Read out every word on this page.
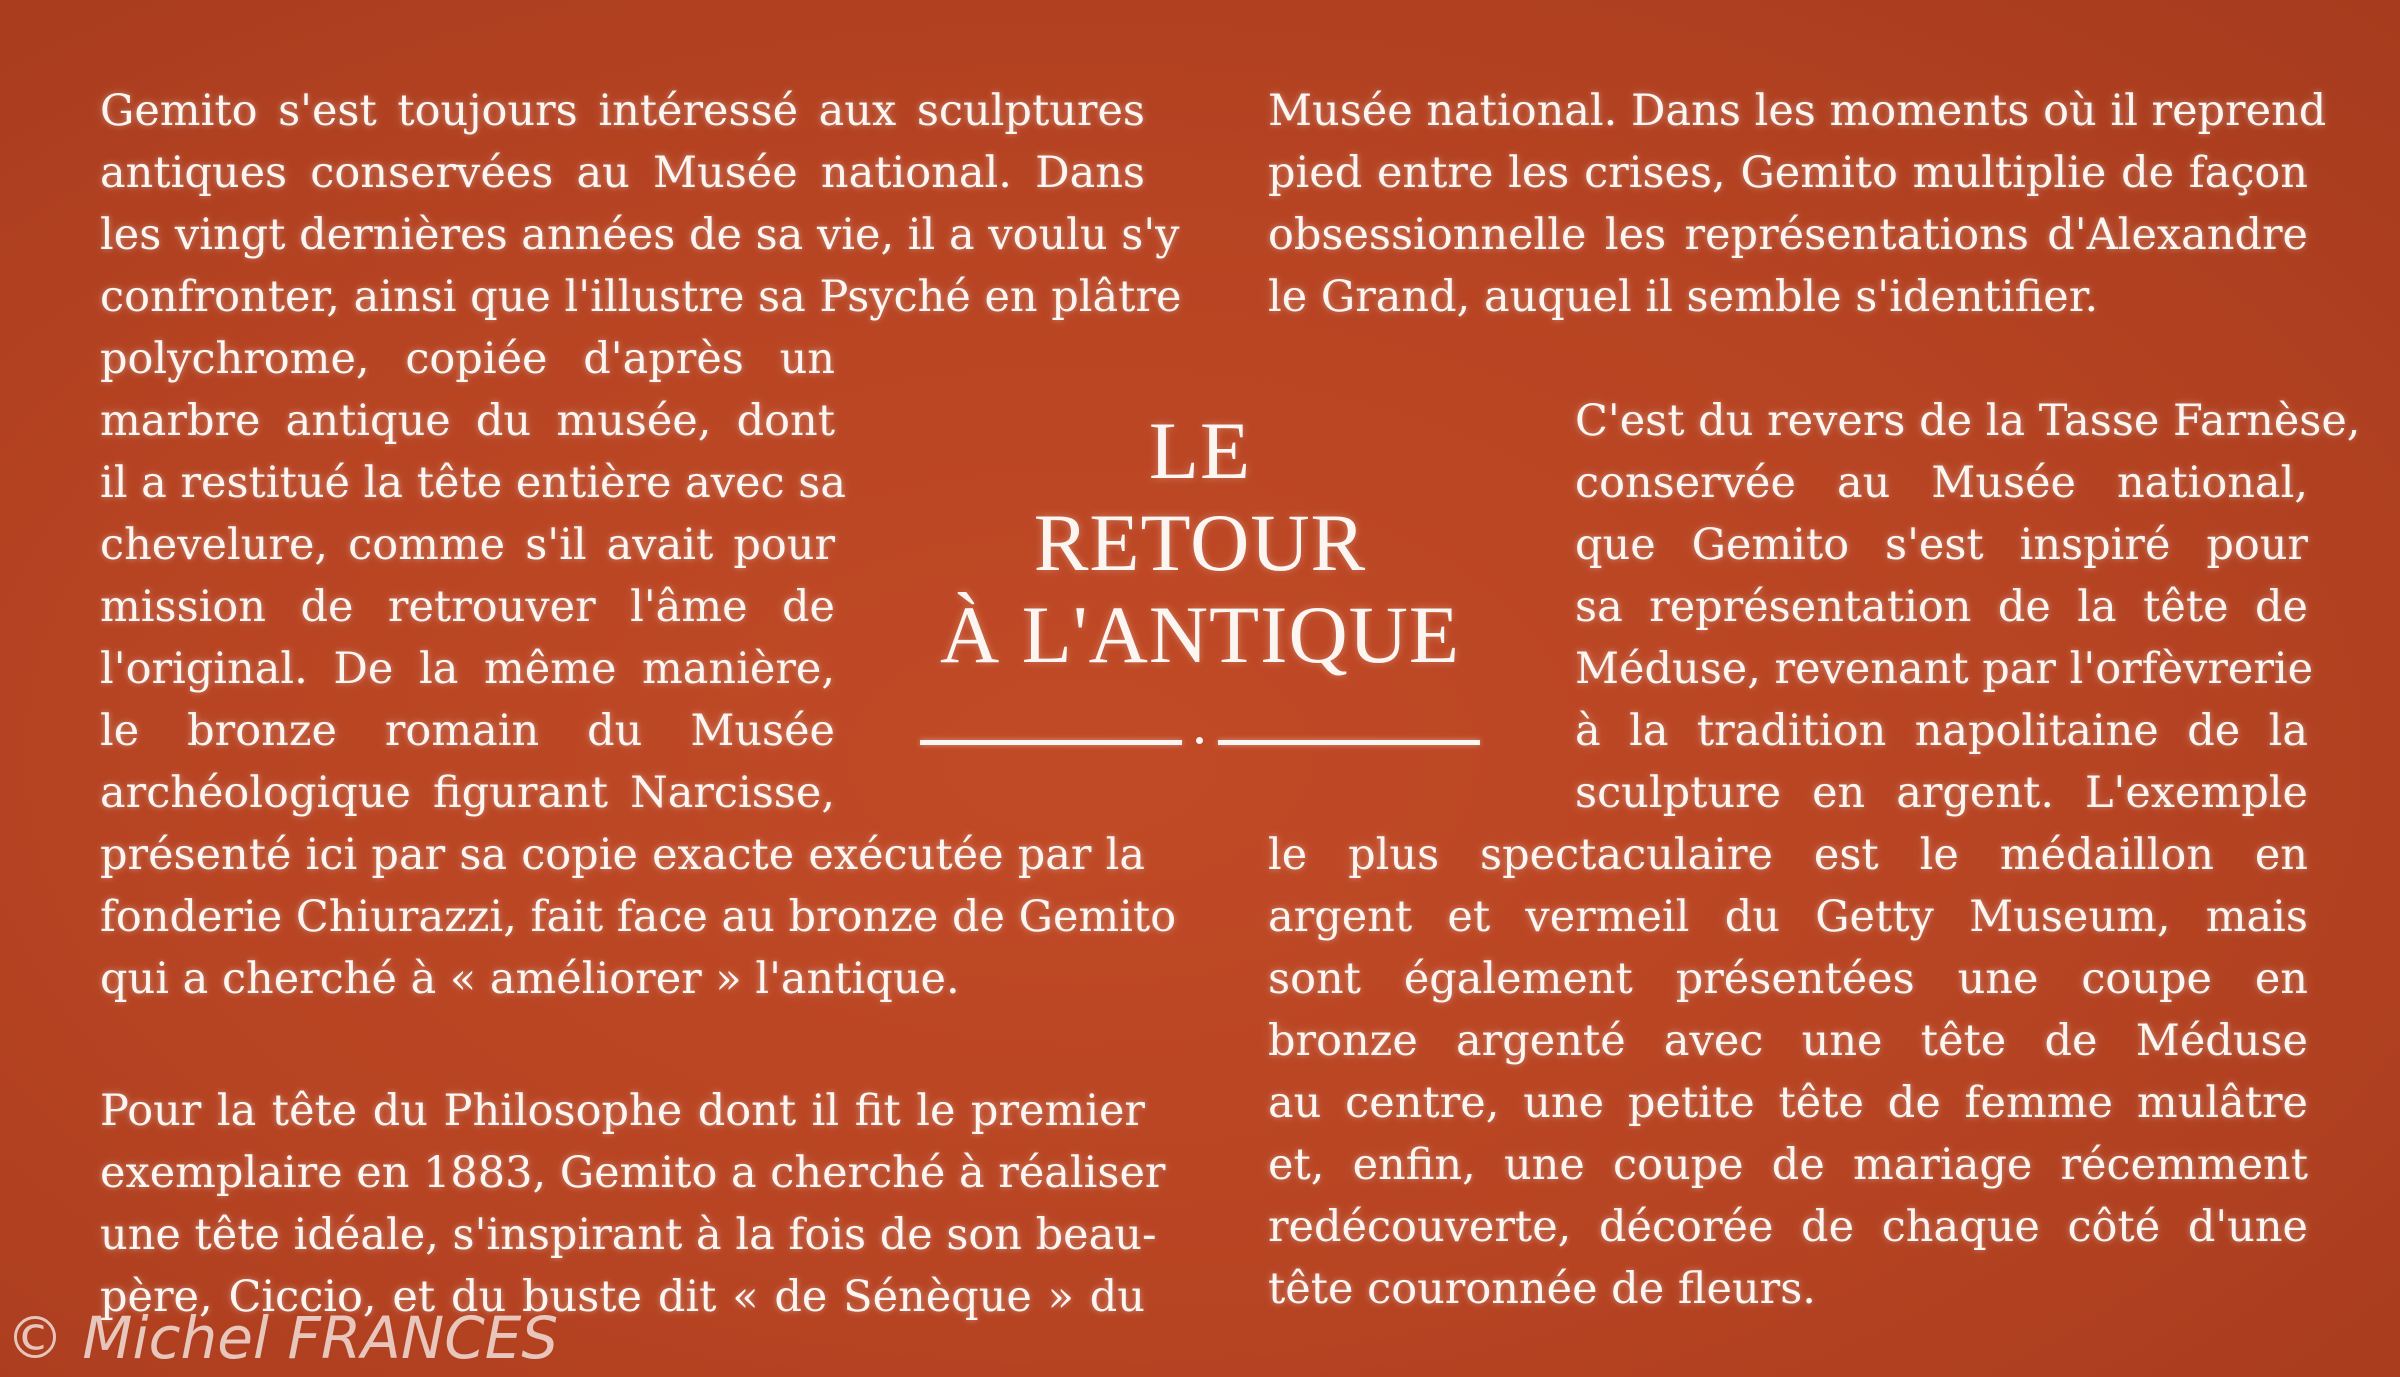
Gemito s'est toujours intéressé aux sculptures

antiques conservées au Musée national. Dans

les vingt dernières années de sa vie, il a voulu s'y

confronter, ainsi que l'illustre sa Psyché en plâtre

polychrome, copiée d'après un

marbre antique du musée, dont

il a restitué la tête entière avec sa

chevelure, comme s'il avait pour

mission de retrouver l'âme de

l'original. De la même manière,

le bronze romain du Musée

archéologique figurant Narcisse,

présenté ici par sa copie exacte exécutée par la

fonderie Chiurazzi, fait face au bronze de Gemito

qui a cherché à « améliorer » l'antique.

Pour la tête du Philosophe dont il fit le premier

exemplaire en 1883, Gemito a cherché à réaliser

une tête idéale, s'inspirant à la fois de son beau-

père, Ciccio, et du buste dit « de Sénèque » du

LE
RETOUR
À L'ANTIQUE

Musée national. Dans les moments où il reprend

pied entre les crises, Gemito multiplie de façon

obsessionnelle les représentations d'Alexandre

le Grand, auquel il semble s'identifier.

C'est du revers de la Tasse Farnèse,

conservée au Musée national,

que Gemito s'est inspiré pour

sa représentation de la tête de

Méduse, revenant par l'orfèvrerie

à la tradition napolitaine de la

sculpture en argent. L'exemple

le plus spectaculaire est le médaillon en

argent et vermeil du Getty Museum, mais

sont également présentées une coupe en

bronze argenté avec une tête de Méduse

au centre, une petite tête de femme mulâtre

et, enfin, une coupe de mariage récemment

redécouverte, décorée de chaque côté d'une

tête couronnée de fleurs.

© Michel FRANCES
